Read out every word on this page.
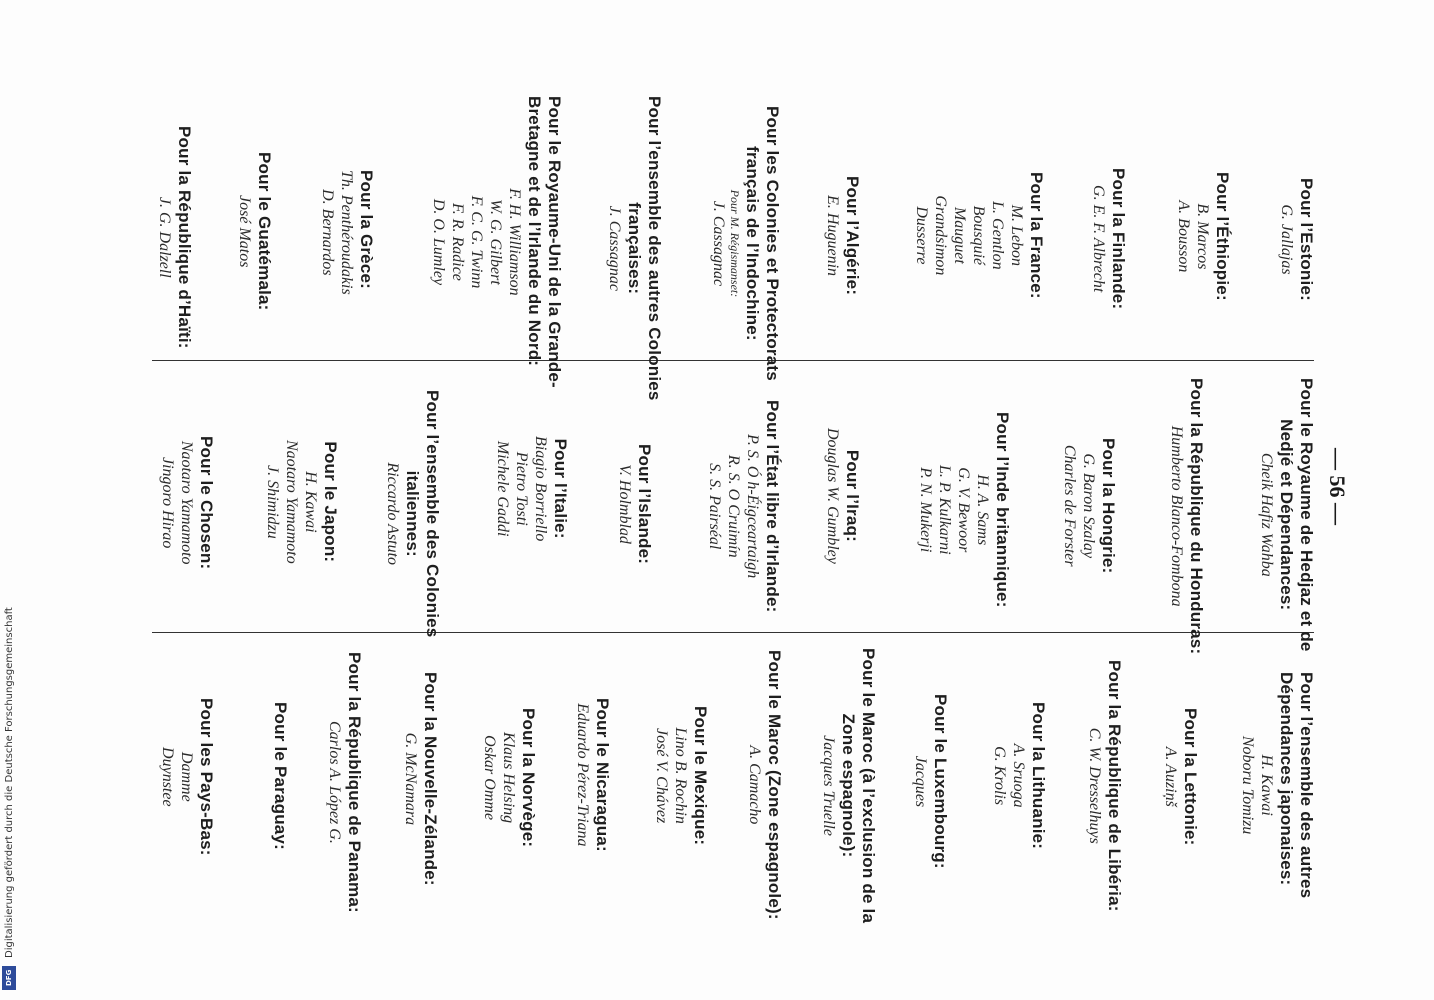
— 56 —
Digitalisierung gefördert durch die Deutsche Forschungsgemeinschaft
DFG
Pour l’Estonie:
G. Jallajas
Pour l’Éthiopie:
B. Marcos
A. Bousson
Pour la Finlande:
G. E. F. Albrecht
Pour la France:
M. Lebon
L. Gentlon
Bousquié
Mauguet
Grandsimon
Dusserre
Pour l’Algérie:
E. Huguenin
Pour les Colonies et Protectorats
français de l’Indochine:
Pour M. Régismanset:
J. Cassagnac
Pour l’ensemble des autres Colonies
françaises:
J. Cassagnac
Pour le Royaume-Uni de la Grande-
Bretagne et de l’Irlande du Nord:
F. H. Williamson
W. G. Gilbert
F. C. G. Twinn
F. R. Radice
D. O. Lumley
Pour la Grèce:
Th. Penthéroudakis
D. Bernardos
Pour le Guatémala:
José Matos
Pour la République d’Haïti:
J. G. Dalzell
Pour le Royaume de Hedjaz et de
Nedjé et Dépendances:
Cheik Hafiz Wahba
Pour la République du Honduras:
Humberto Blanco-Fombona
Pour la Hongrie:
G. Baron Szalay
Charles de Forster
Pour l’Inde britannique:
H. A. Sams
G. V. Bewoor
L. P. Kulkarni
P. N. Mukerji
Pour l’Iraq:
Douglas W. Gumbley
Pour l’État libre d’Irlande:
P. S. Ó h-Éigceartaigh
R. S. O Cruimín
S. S. Pairséal
Pour l’Islande:
V. Holmblad
Pour l’Italie:
Biagio Borriello
Pietro Tosti
Michele Gaddi
Pour l’ensemble des Colonies
italiennes:
Riccardo Astuto
Pour le Japon:
H. Kawai
Naotaro Yamamoto
J. Shimidzu
Pour le Chosen:
Naotaro Yamamoto
Jingoro Hirao
Pour l’ensemble des autres
Dépendances japonaises:
H. Kawai
Noboru Tomizu
Pour la Lettonie:
A. Auziņš
Pour la République de Libéria:
C. W. Dresselhuys
Pour la Lithuanie:
A. Sruoga
G. Krolis
Pour le Luxembourg:
Jacques
Pour le Maroc (à l’exclusion de la
Zone espagnole):
Jacques Truelle
Pour le Maroc (Zone espagnole):
A. Camacho
Pour le Nicaragua:
Eduardo Pérez-Triana	Pour le Mexique:
Lino B. Rochin
José V. Chávez
Pour la Norvège:
Klaus Helsing
Oskar Omme
Pour la Nouvelle-Zélande:
G. McNamara
Pour la République de Panama:
Carlos A. López G.
Pour le Paraguay:
Pour les Pays-Bas:
Damme
Duynstee
